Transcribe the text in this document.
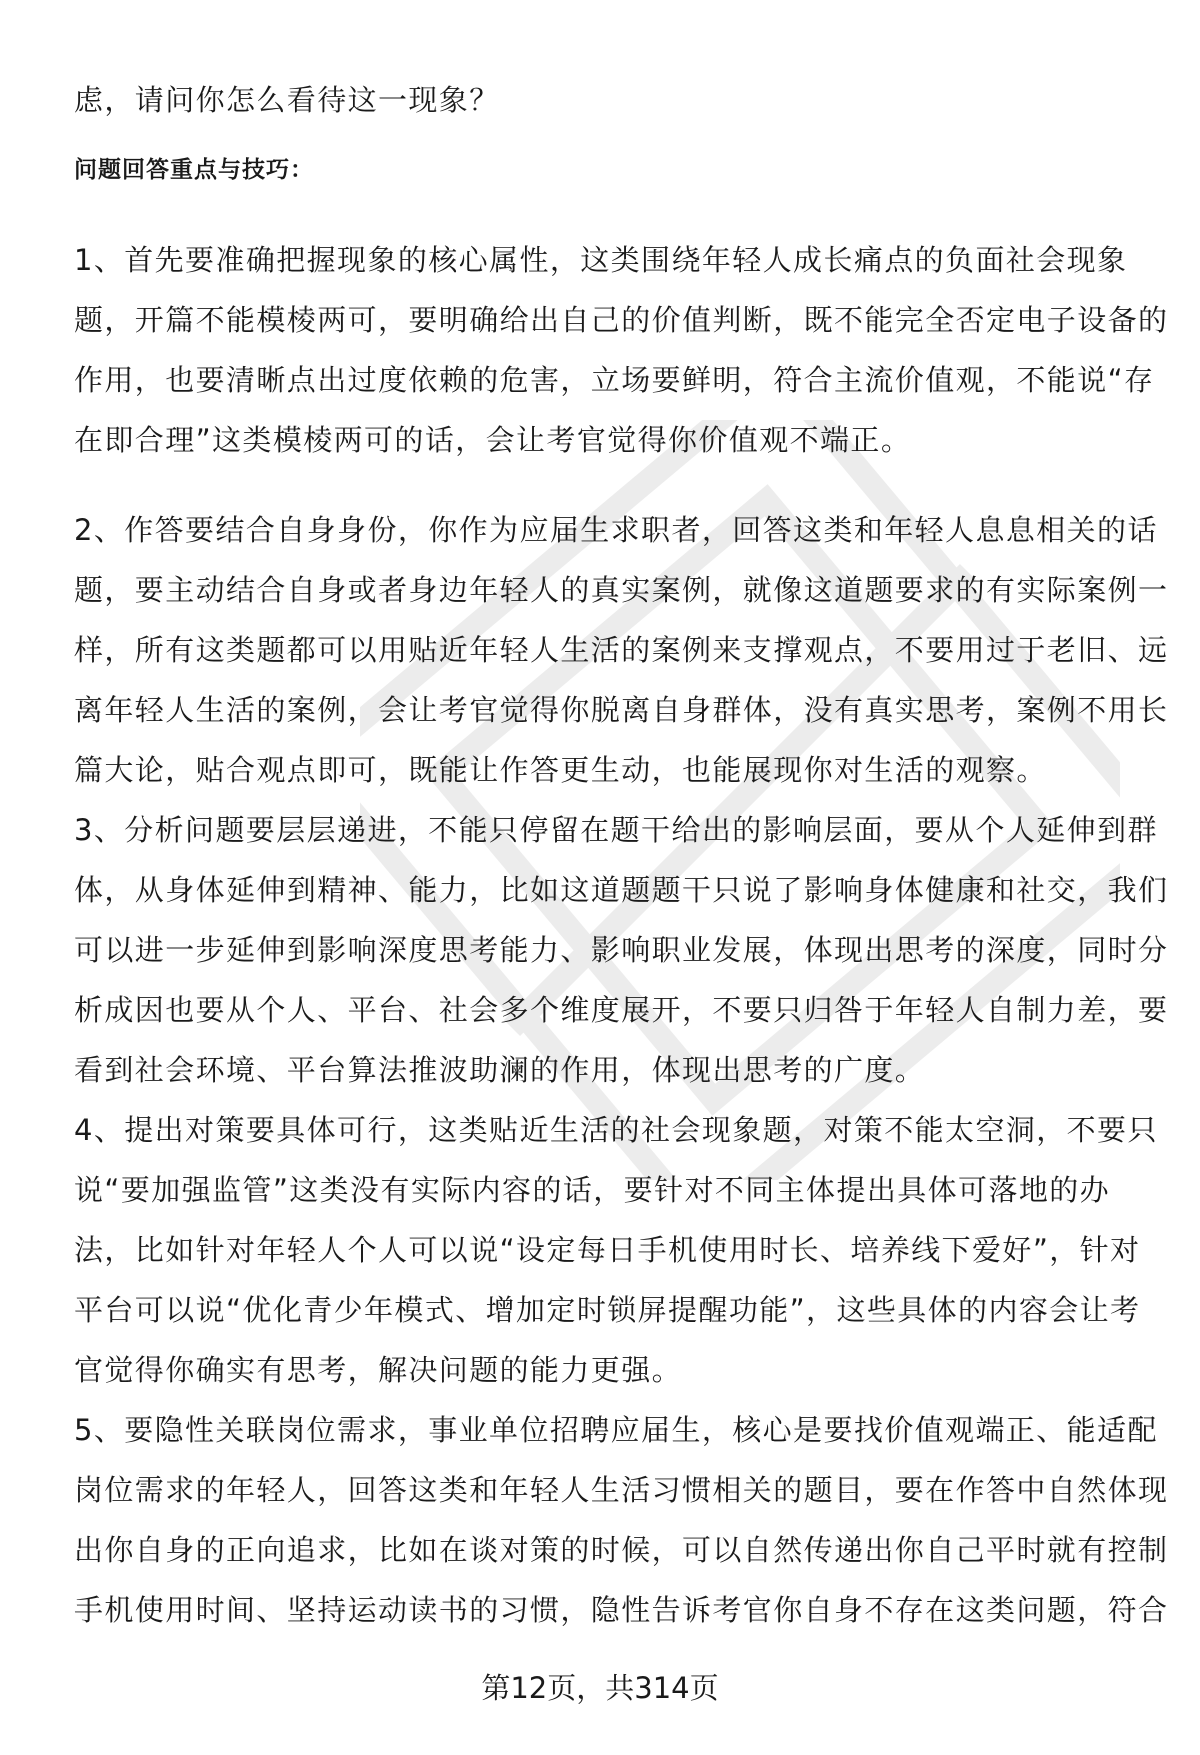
虑，请问你怎么看待这一现象？
问题回答重点与技巧：
1、首先要准确把握现象的核心属性，这类围绕年轻人成长痛点的负面社会现象
题，开篇不能模棱两可，要明确给出自己的价值判断，既不能完全否定电子设备的
作用，也要清晰点出过度依赖的危害，立场要鲜明，符合主流价值观，不能说“存
在即合理”这类模棱两可的话，会让考官觉得你价值观不端正。
2、作答要结合自身身份，你作为应届生求职者，回答这类和年轻人息息相关的话
题，要主动结合自身或者身边年轻人的真实案例，就像这道题要求的有实际案例一
样，所有这类题都可以用贴近年轻人生活的案例来支撑观点，不要用过于老旧、远
离年轻人生活的案例，会让考官觉得你脱离自身群体，没有真实思考，案例不用长
篇大论，贴合观点即可，既能让作答更生动，也能展现你对生活的观察。
3、分析问题要层层递进，不能只停留在题干给出的影响层面，要从个人延伸到群
体，从身体延伸到精神、能力，比如这道题题干只说了影响身体健康和社交，我们
可以进一步延伸到影响深度思考能力、影响职业发展，体现出思考的深度，同时分
析成因也要从个人、平台、社会多个维度展开，不要只归咎于年轻人自制力差，要
看到社会环境、平台算法推波助澜的作用，体现出思考的广度。
4、提出对策要具体可行，这类贴近生活的社会现象题，对策不能太空洞，不要只
说“要加强监管”这类没有实际内容的话，要针对不同主体提出具体可落地的办
法，比如针对年轻人个人可以说“设定每日手机使用时长、培养线下爱好”，针对
平台可以说“优化青少年模式、增加定时锁屏提醒功能”，这些具体的内容会让考
官觉得你确实有思考，解决问题的能力更强。
5、要隐性关联岗位需求，事业单位招聘应届生，核心是要找价值观端正、能适配
岗位需求的年轻人，回答这类和年轻人生活习惯相关的题目，要在作答中自然体现
出你自身的正向追求，比如在谈对策的时候，可以自然传递出你自己平时就有控制
手机使用时间、坚持运动读书的习惯，隐性告诉考官你自身不存在这类问题，符合
第12页，共314页
